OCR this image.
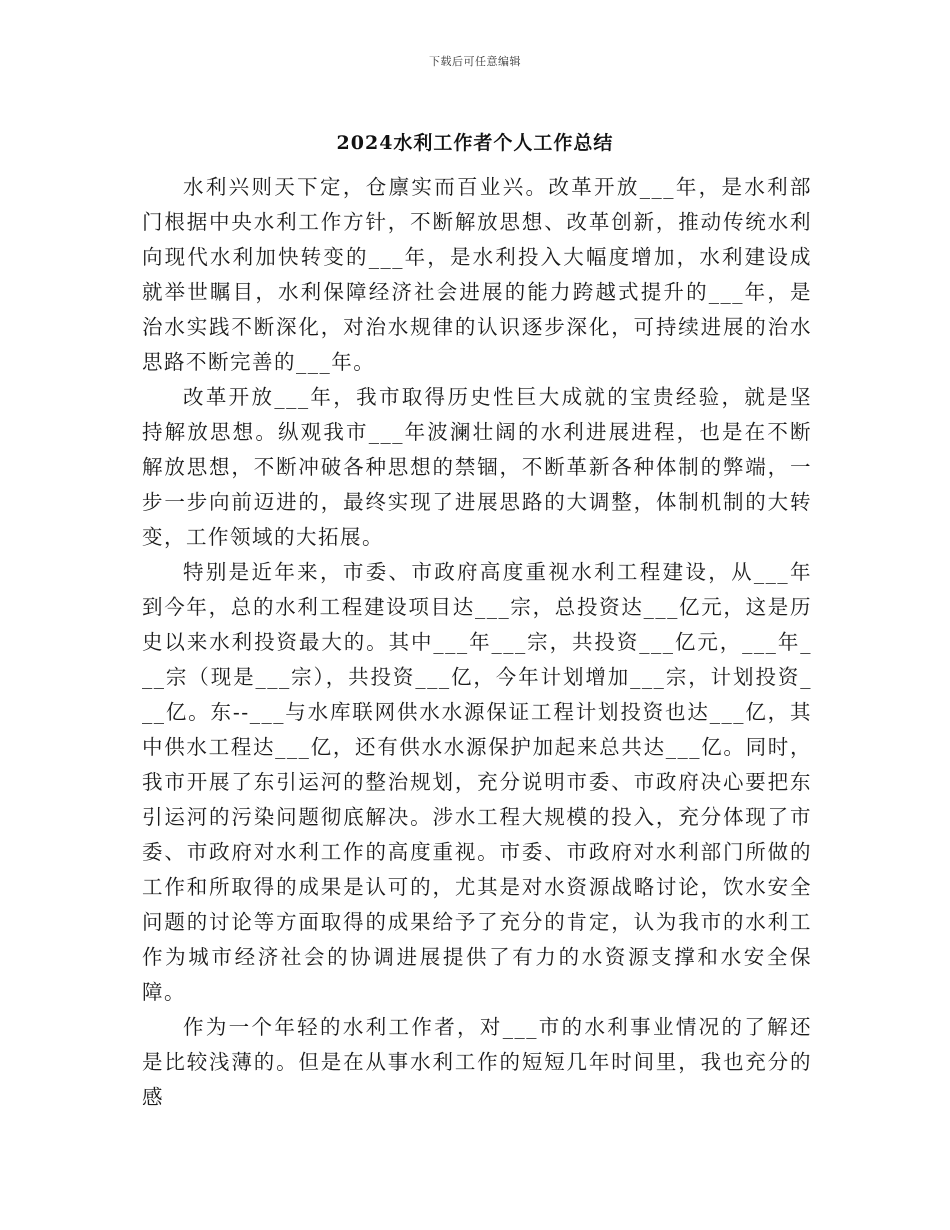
下载后可任意编辑
2024水利工作者个人工作总结

水利兴则天下定，仓廪实而百业兴。改革开放___年，是水利部门根据中央水利工作方针，不断解放思想、改革创新，推动传统水利向现代水利加快转变的___年，是水利投入大幅度增加，水利建设成就举世瞩目，水利保障经济社会进展的能力跨越式提升的___年，是治水实践不断深化，对治水规律的认识逐步深化，可持续进展的治水思路不断完善的___年。

改革开放___年，我市取得历史性巨大成就的宝贵经验，就是坚持解放思想。纵观我市___年波澜壮阔的水利进展进程，也是在不断解放思想，不断冲破各种思想的禁锢，不断革新各种体制的弊端，一步一步向前迈进的，最终实现了进展思路的大调整，体制机制的大转变，工作领域的大拓展。

特别是近年来，市委、市政府高度重视水利工程建设，从___年到今年，总的水利工程建设项目达___宗，总投资达___亿元，这是历史以来水利投资最大的。其中___年___宗，共投资___亿元，___年___宗（现是___宗），共投资___亿，今年计划增加___宗，计划投资___亿。东--___与水库联网供水水源保证工程计划投资也达___亿，其中供水工程达___亿，还有供水水源保护加起来总共达___亿。同时，我市开展了东引运河的整治规划，充分说明市委、市政府决心要把东引运河的污染问题彻底解决。涉水工程大规模的投入，充分体现了市委、市政府对水利工作的高度重视。市委、市政府对水利部门所做的工作和所取得的成果是认可的，尤其是对水资源战略讨论，饮水安全问题的讨论等方面取得的成果给予了充分的肯定，认为我市的水利工作为城市经济社会的协调进展提供了有力的水资源支撑和水安全保障。

作为一个年轻的水利工作者，对___市的水利事业情况的了解还是比较浅薄的。但是在从事水利工作的短短几年时间里，我也充分的感
